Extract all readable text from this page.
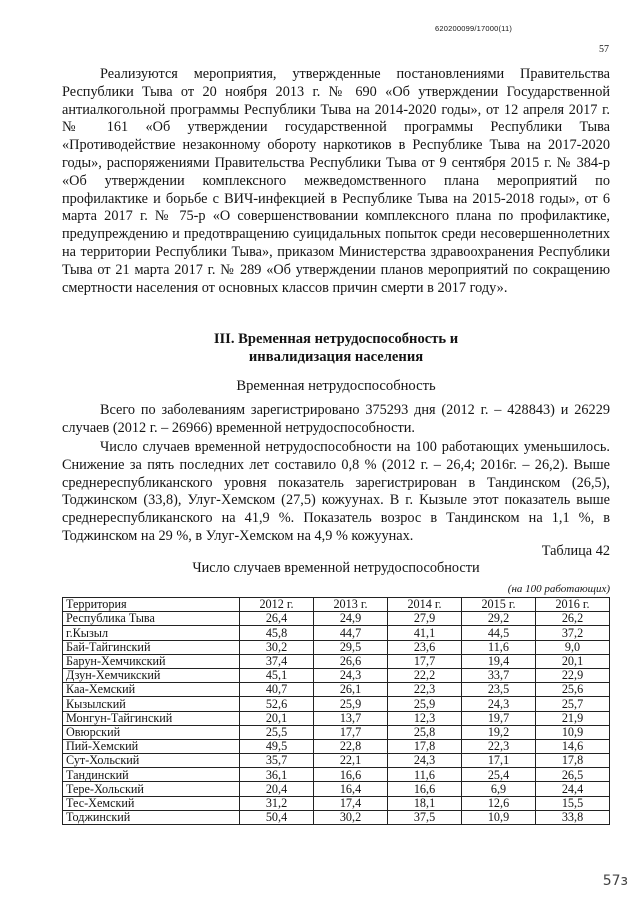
620200099/17000(11)
57

Реализуются мероприятия, утвержденные постановлениями Правительства Республики Тыва от 20 ноября 2013 г. № 690 «Об утверждении Государственной антиалкогольной программы Республики Тыва на 2014-2020 годы», от 12 апреля 2017 г. № 161 «Об утверждении государственной программы Республики Тыва «Противодействие незаконному обороту наркотиков в Республике Тыва на 2017-2020 годы», распоряжениями Правительства Республики Тыва от 9 сентября 2015 г. № 384-р «Об утверждении комплексного межведомственного плана мероприятий по профилактике и борьбе с ВИЧ-инфекцией в Республике Тыва на 2015-2018 годы», от 6 марта 2017 г. № 75-р «О совершенствовании комплексного плана по профилактике, предупреждению и предотвращению суицидальных попыток среди несовершеннолетних на территории Республики Тыва», приказом Министерства здравоохранения Республики Тыва от 21 марта 2017 г. № 289 «Об утверждении планов мероприятий по сокращению смертности населения от основных классов причин смерти в 2017 году».

III. Временная нетрудоспособность и
инвалидизация населения
Временная нетрудоспособность

Всего по заболеваниям зарегистрировано 375293 дня (2012 г. – 428843) и 26229 случаев (2012 г. – 26966) временной нетрудоспособности.

Число случаев временной нетрудоспособности на 100 работающих уменьшилось. Снижение за пять последних лет составило 0,8 % (2012 г. – 26,4; 2016г. – 26,2). Выше среднереспубликанского уровня показатель зарегистрирован в Тандинском (26,5), Тоджинском (33,8), Улуг-Хемском (27,5) кожуунах. В г. Кызыле этот показатель выше среднереспубликанского на 41,9 %. Показатель возрос в Тандинском на 1,1 %, в Тоджинском на 29 %, в Улуг-Хемском на 4,9 % кожуунах.

Таблица 42
Число случаев временной нетрудоспособности
(на 100 работающих)
Территория	2012 г.	2013 г.	2014 г.	2015 г.	2016 г.
Республика Тыва	26,4	24,9	27,9	29,2	26,2
г.Кызыл	45,8	44,7	41,1	44,5	37,2
Бай-Тайгинский	30,2	29,5	23,6	11,6	9,0
Барун-Хемчикский	37,4	26,6	17,7	19,4	20,1
Дзун-Хемчикский	45,1	24,3	22,2	33,7	22,9
Каа-Хемский	40,7	26,1	22,3	23,5	25,6
Кызылский	52,6	25,9	25,9	24,3	25,7
Монгун-Тайгинский	20,1	13,7	12,3	19,7	21,9
Овюрский	25,5	17,7	25,8	19,2	10,9
Пий-Хемский	49,5	22,8	17,8	22,3	14,6
Сут-Хольский	35,7	22,1	24,3	17,1	17,8
Тандинский	36,1	16,6	11,6	25,4	26,5
Тере-Хольский	20,4	16,4	16,6	6,9	24,4
Тес-Хемский	31,2	17,4	18,1	12,6	15,5
Тоджинский	50,4	30,2	37,5	10,9	33,8
57з
